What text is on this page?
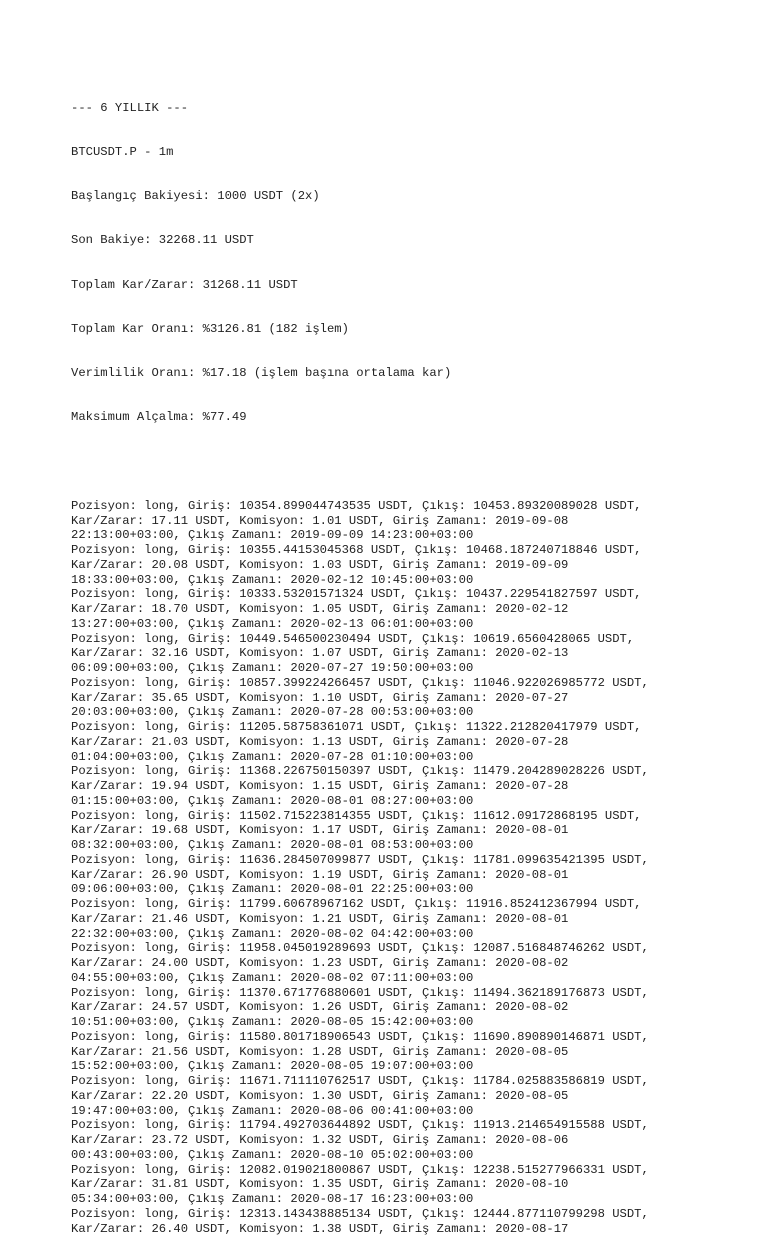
--- 6 YILLIK ---

BTCUSDT.P - 1m

Başlangıç Bakiyesi: 1000 USDT (2x)

Son Bakiye: 32268.11 USDT

Toplam Kar/Zarar: 31268.11 USDT

Toplam Kar Oranı: %3126.81 (182 işlem)

Verimlilik Oranı: %17.18 (işlem başına ortalama kar)

Maksimum Alçalma: %77.49

Pozisyon: long, Giriş: 10354.899044743535 USDT, Çıkış: 10453.89320089028 USDT,
Kar/Zarar: 17.11 USDT, Komisyon: 1.01 USDT, Giriş Zamanı: 2019-09-08
22:13:00+03:00, Çıkış Zamanı: 2019-09-09 14:23:00+03:00
Pozisyon: long, Giriş: 10355.44153045368 USDT, Çıkış: 10468.187240718846 USDT,
Kar/Zarar: 20.08 USDT, Komisyon: 1.03 USDT, Giriş Zamanı: 2019-09-09
18:33:00+03:00, Çıkış Zamanı: 2020-02-12 10:45:00+03:00
Pozisyon: long, Giriş: 10333.53201571324 USDT, Çıkış: 10437.229541827597 USDT,
Kar/Zarar: 18.70 USDT, Komisyon: 1.05 USDT, Giriş Zamanı: 2020-02-12
13:27:00+03:00, Çıkış Zamanı: 2020-02-13 06:01:00+03:00
Pozisyon: long, Giriş: 10449.546500230494 USDT, Çıkış: 10619.6560428065 USDT,
Kar/Zarar: 32.16 USDT, Komisyon: 1.07 USDT, Giriş Zamanı: 2020-02-13
06:09:00+03:00, Çıkış Zamanı: 2020-07-27 19:50:00+03:00
Pozisyon: long, Giriş: 10857.399224266457 USDT, Çıkış: 11046.922026985772 USDT,
Kar/Zarar: 35.65 USDT, Komisyon: 1.10 USDT, Giriş Zamanı: 2020-07-27
20:03:00+03:00, Çıkış Zamanı: 2020-07-28 00:53:00+03:00
Pozisyon: long, Giriş: 11205.58758361071 USDT, Çıkış: 11322.212820417979 USDT,
Kar/Zarar: 21.03 USDT, Komisyon: 1.13 USDT, Giriş Zamanı: 2020-07-28
01:04:00+03:00, Çıkış Zamanı: 2020-07-28 01:10:00+03:00
Pozisyon: long, Giriş: 11368.226750150397 USDT, Çıkış: 11479.204289028226 USDT,
Kar/Zarar: 19.94 USDT, Komisyon: 1.15 USDT, Giriş Zamanı: 2020-07-28
01:15:00+03:00, Çıkış Zamanı: 2020-08-01 08:27:00+03:00
Pozisyon: long, Giriş: 11502.715223814355 USDT, Çıkış: 11612.09172868195 USDT,
Kar/Zarar: 19.68 USDT, Komisyon: 1.17 USDT, Giriş Zamanı: 2020-08-01
08:32:00+03:00, Çıkış Zamanı: 2020-08-01 08:53:00+03:00
Pozisyon: long, Giriş: 11636.284507099877 USDT, Çıkış: 11781.099635421395 USDT,
Kar/Zarar: 26.90 USDT, Komisyon: 1.19 USDT, Giriş Zamanı: 2020-08-01
09:06:00+03:00, Çıkış Zamanı: 2020-08-01 22:25:00+03:00
Pozisyon: long, Giriş: 11799.60678967162 USDT, Çıkış: 11916.852412367994 USDT,
Kar/Zarar: 21.46 USDT, Komisyon: 1.21 USDT, Giriş Zamanı: 2020-08-01
22:32:00+03:00, Çıkış Zamanı: 2020-08-02 04:42:00+03:00
Pozisyon: long, Giriş: 11958.045019289693 USDT, Çıkış: 12087.516848746262 USDT,
Kar/Zarar: 24.00 USDT, Komisyon: 1.23 USDT, Giriş Zamanı: 2020-08-02
04:55:00+03:00, Çıkış Zamanı: 2020-08-02 07:11:00+03:00
Pozisyon: long, Giriş: 11370.671776880601 USDT, Çıkış: 11494.362189176873 USDT,
Kar/Zarar: 24.57 USDT, Komisyon: 1.26 USDT, Giriş Zamanı: 2020-08-02
10:51:00+03:00, Çıkış Zamanı: 2020-08-05 15:42:00+03:00
Pozisyon: long, Giriş: 11580.801718906543 USDT, Çıkış: 11690.890890146871 USDT,
Kar/Zarar: 21.56 USDT, Komisyon: 1.28 USDT, Giriş Zamanı: 2020-08-05
15:52:00+03:00, Çıkış Zamanı: 2020-08-05 19:07:00+03:00
Pozisyon: long, Giriş: 11671.711110762517 USDT, Çıkış: 11784.025883586819 USDT,
Kar/Zarar: 22.20 USDT, Komisyon: 1.30 USDT, Giriş Zamanı: 2020-08-05
19:47:00+03:00, Çıkış Zamanı: 2020-08-06 00:41:00+03:00
Pozisyon: long, Giriş: 11794.492703644892 USDT, Çıkış: 11913.214654915588 USDT,
Kar/Zarar: 23.72 USDT, Komisyon: 1.32 USDT, Giriş Zamanı: 2020-08-06
00:43:00+03:00, Çıkış Zamanı: 2020-08-10 05:02:00+03:00
Pozisyon: long, Giriş: 12082.019021800867 USDT, Çıkış: 12238.515277966331 USDT,
Kar/Zarar: 31.81 USDT, Komisyon: 1.35 USDT, Giriş Zamanı: 2020-08-10
05:34:00+03:00, Çıkış Zamanı: 2020-08-17 16:23:00+03:00
Pozisyon: long, Giriş: 12313.143438885134 USDT, Çıkış: 12444.877110799298 USDT,
Kar/Zarar: 26.40 USDT, Komisyon: 1.38 USDT, Giriş Zamanı: 2020-08-17
